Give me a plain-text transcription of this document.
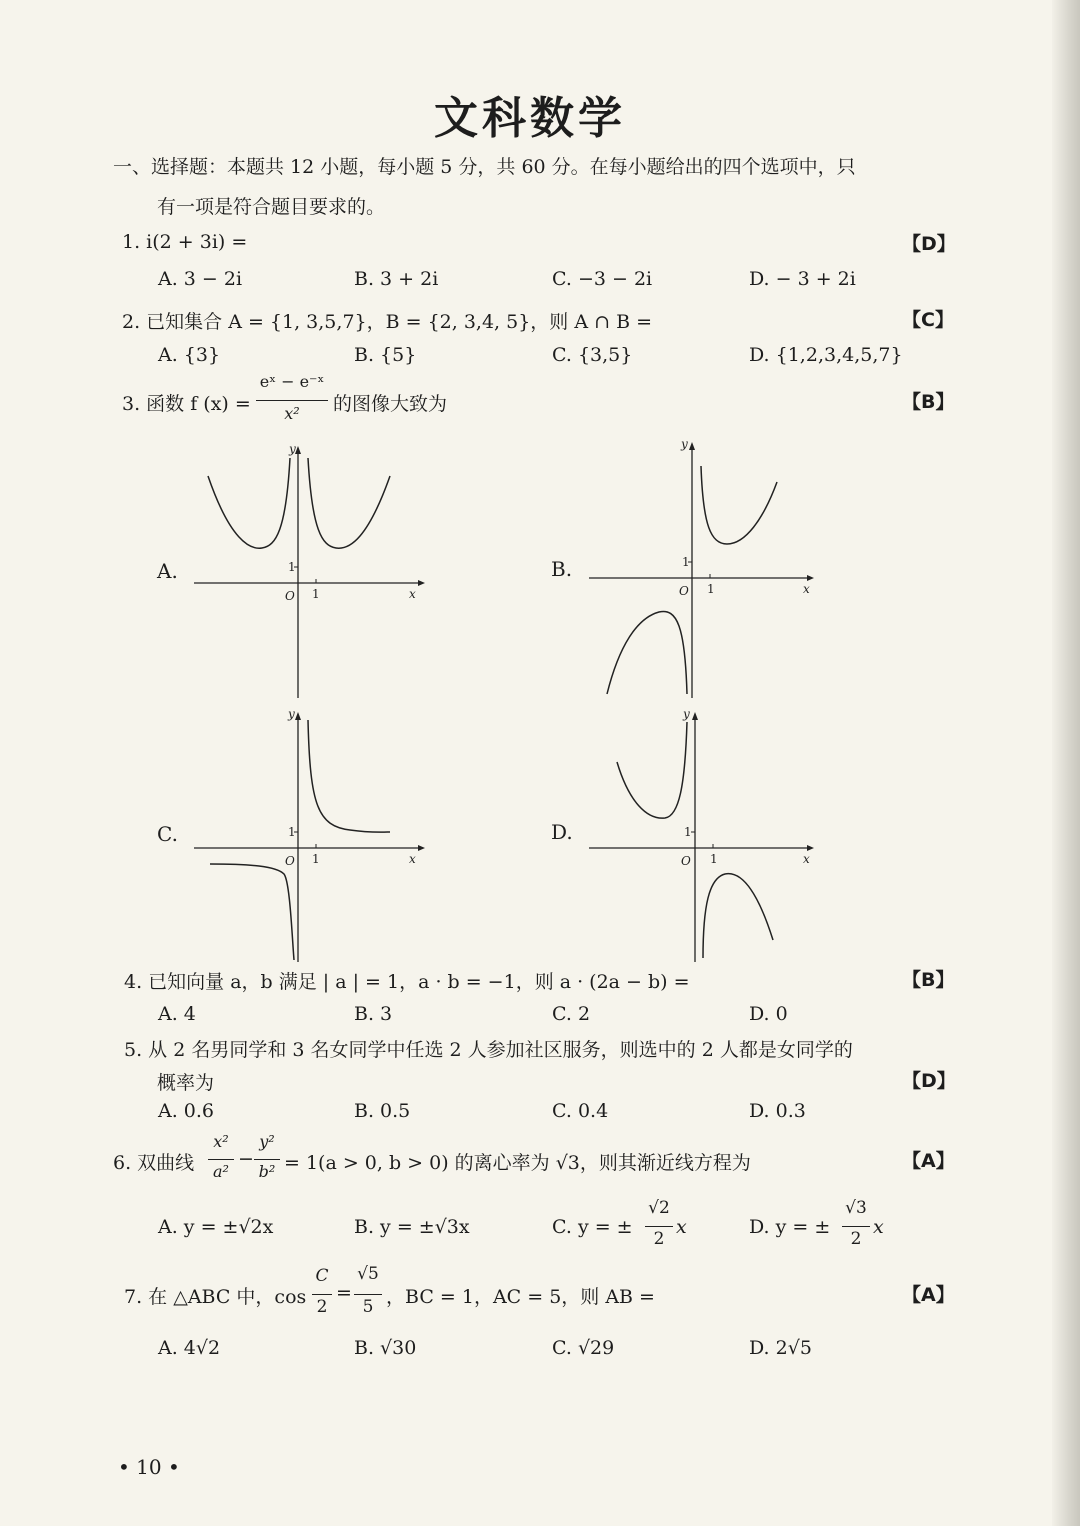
文科数学
一、选择题：本题共 12 小题，每小题 5 分，共 60 分。在每小题给出的四个选项中，只
有一项是符合题目要求的。
1. i(2 + 3i) =	【D】
A. 3 − 2i	B. 3 + 2i	C. −3 − 2i	D. − 3 + 2i
2. 已知集合 A = {1, 3,5,7}，B = {2, 3,4, 5}，则 A ∩ B =	【C】
A. {3}	B. {5}	C. {3,5}	D. {1,2,3,4,5,7}
3. 函数 f (x) =
eˣ − e⁻ˣ
x²	的图像大致为	【B】
A.	B.
C.	D.
y
x
O
1
1
y
x
O
1
1
y
x
O
1
1
y
x
O
1
1
4. 已知向量 a，b 满足 | a | = 1，a · b = −1，则 a · (2a − b) =	【B】
A. 4	B. 3	C. 2	D. 0
5. 从 2 名男同学和 3 名女同学中任选 2 人参加社区服务，则选中的 2 人都是女同学的
概率为	【D】
A. 0.6	B. 0.5	C. 0.4	D. 0.3
6. 双曲线
x²
a²
−
y²
b² = 1(a > 0, b > 0) 的离心率为 √3，则其渐近线方程为	【A】
A. y = ±√2x	B. y = ±√3x	C. y = ±
√2
2
x	D. y = ±
√3
2
x
7. 在 △ABC 中，cos
C
2
=
√5
5 ，BC = 1，AC = 5，则 AB =	【A】
A. 4√2	B. √30	C. √29	D. 2√5
• 10 •
